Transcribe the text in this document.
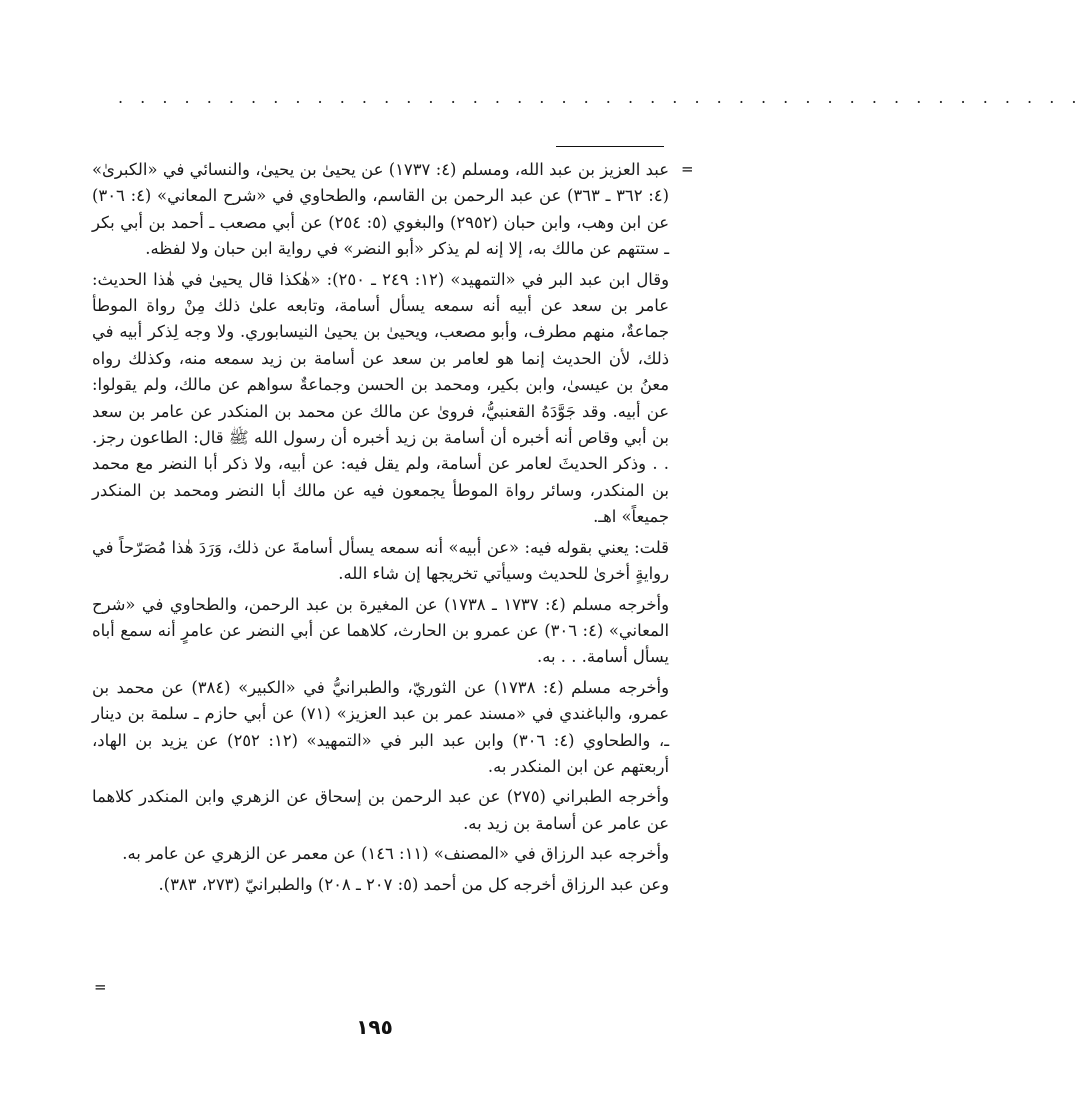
. . . . . . . . . . . . . . . . . . . . . . . . . . . . . . . . . . . . . . . . . . . .
=

عبد العزيز بن عبد الله، ومسلم (٤: ١٧٣٧) عن يحيىٰ بن يحيىٰ، والنسائي في «الكبرىٰ» (٤: ٣٦٢ ـ ٣٦٣) عن عبد الرحمن بن القاسم، والطحاوي في «شرح المعاني» (٤: ٣٠٦) عن ابن وهب، وابن حبان (٢٩٥٢) والبغوي (٥: ٢٥٤) عن أبي مصعب ـ أحمد بن أبي بكر ـ ستتهم عن مالك به، إلا إنه لم يذكر «أبو النضر» في رواية ابن حبان ولا لفظه.

وقال ابن عبد البر في «التمهيد» (١٢: ٢٤٩ ـ ٢٥٠): «هٰكذا قال يحيىٰ في هٰذا الحديث: عامر بن سعد عن أبيه أنه سمعه يسأل أسامة، وتابعه علىٰ ذلك مِنْ رواة الموطأ جماعةٌ، منهم مطرف، وأبو مصعب، ويحيىٰ بن يحيىٰ النيسابوري. ولا وجه لِذكر أبيه في ذلك، لأن الحديث إنما هو لعامر بن سعد عن أسامة بن زيد سمعه منه، وكذلك رواه معنُ بن عيسىٰ، وابن بكير، ومحمد بن الحسن وجماعةٌ سواهم عن مالك، ولم يقولوا: عن أبيه. وقد جَوَّدَهُ القعنبيُّ، فروىٰ عن مالك عن محمد بن المنكدر عن عامر بن سعد بن أبي وقاص أنه أخبره أن أسامة بن زيد أخبره أن رسول الله ﷺ قال: الطاعون رجز. . . وذكر الحديثَ لعامر عن أسامة، ولم يقل فيه: عن أبيه، ولا ذكر أبا النضر مع محمد بن المنكدر، وسائر رواة الموطأ يجمعون فيه عن مالك أبا النضر ومحمد بن المنكدر جميعاً» اهـ.

قلت: يعني بقوله فيه: «عن أبيه» أنه سمعه يسأل أسامةَ عن ذلك، وَرَدَ هٰذا مُصَرّحاً في روايةٍ أخرىٰ للحديث وسيأتي تخريجها إن شاء الله.

وأخرجه مسلم (٤: ١٧٣٧ ـ ١٧٣٨) عن المغيرة بن عبد الرحمن، والطحاوي في «شرح المعاني» (٤: ٣٠٦) عن عمرو بن الحارث، كلاهما عن أبي النضر عن عامرٍ أنه سمع أباه يسأل أسامة. . . به.

وأخرجه مسلم (٤: ١٧٣٨) عن الثوريّ، والطبرانيُّ في «الكبير» (٣٨٤) عن محمد بن عمرو، والباغندي في «مسند عمر بن عبد العزيز» (٧١) عن أبي حازم ـ سلمة بن دينار ـ، والطحاوي (٤: ٣٠٦) وابن عبد البر في «التمهيد» (١٢: ٢٥٢) عن يزيد بن الهاد، أربعتهم عن ابن المنكدر به.

وأخرجه الطبراني (٢٧٥) عن عبد الرحمن بن إسحاق عن الزهري وابن المنكدر كلاهما عن عامر عن أسامة بن زيد به.

وأخرجه عبد الرزاق في «المصنف» (١١: ١٤٦) عن معمر عن الزهري عن عامر به.

وعن عبد الرزاق أخرجه كل من أحمد (٥: ٢٠٧ ـ ٢٠٨) والطبرانيّ (٢٧٣، ٣٨٣).

=
١٩٥
